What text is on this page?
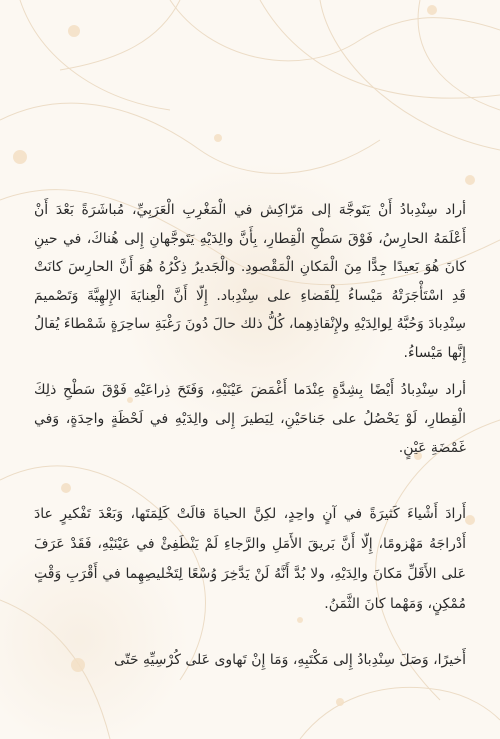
أراد سِنْدِبادُ أَنْ يَتَوجَّهَ إلى مَرّاكِش في الْمَغْرِبِ الْعَرَبِيِّ، مُباشَرَةً بَعْدَ أَنْ أَعْلَمَهُ الحارِسُ، فَوْقَ سَطْحِ الْقِطارِ، بِأَنَّ والِدَيْهِ يَتَوجَّهانِ إِلى هُناكَ، في حينِ كانَ هُوَ بَعيدًا جِدًّا مِنَ الْمَكانِ الْمَقْصودِ. والْجَديرُ ذِكْرُهُ هُوَ أَنَّ الحارِسَ كانَتْ قَدِ اسْتَأْجَرَتْهُ مَيْساءُ لِلْقَضاءِ على سِنْدِباد. إِلّا أَنَّ الْعِنايَةَ الإِلهِيَّةَ وَتَصْميمَ سِنْدِبادَ وَحُبَّهُ لِوالِدَيْهِ ولإِنْقاذِهِما، كُلُّ ذلك حالَ دُونَ رَغْبَةِ ساحِرَةٍ شَمْطاءَ يُقالُ إِنَّها مَيْساءُ.

أراد سِنْدِبادُ أَيْضًا بِشِدَّةٍ عِنْدَما أَغْمَضَ عَيْنَيْهِ، وَفَتَحَ ذِراعَيْهِ فَوْقَ سَطْحِ ذلِكَ الْقِطارِ، لَوْ يَحْصُلُ على جَناحَيْنِ، لِيَطيرَ إِلى والِدَيْهِ في لَحْظَةٍ واحِدَةٍ، وَفي غَمْضَةِ عَيْنٍ.

أَرادَ أَشْياءَ كَثيرَةً في آنٍ واحِدٍ، لكِنَّ الحياةَ قالَتْ كَلِمَتَها، وَبَعْدَ تَفْكيرٍ عادَ أَدْراجَهُ مَهْزومًا، إِلّا أَنَّ بَريقَ الأَمَلِ والرَّجاءِ لَمْ يَنْطَفِئْ في عَيْنَيْهِ، فَقَدْ عَرَفَ عَلى الأَقَلِّ مَكانَ والِدَيْهِ، ولا بُدَّ أَنَّهُ لَنْ يَدَّخِرَ وُسْعًا لِتَخْليصِهِما في أَقْرَبِ وَقْتٍ مُمْكِنٍ، وَمَهْما كانَ الثَّمَنُ.

أَخيرًا، وَصَلَ سِنْدِبادُ إِلى مَكْتَبِهِ، وَمَا إِنْ تَهاوى عَلى كُرْسِيِّهِ حَتّى
